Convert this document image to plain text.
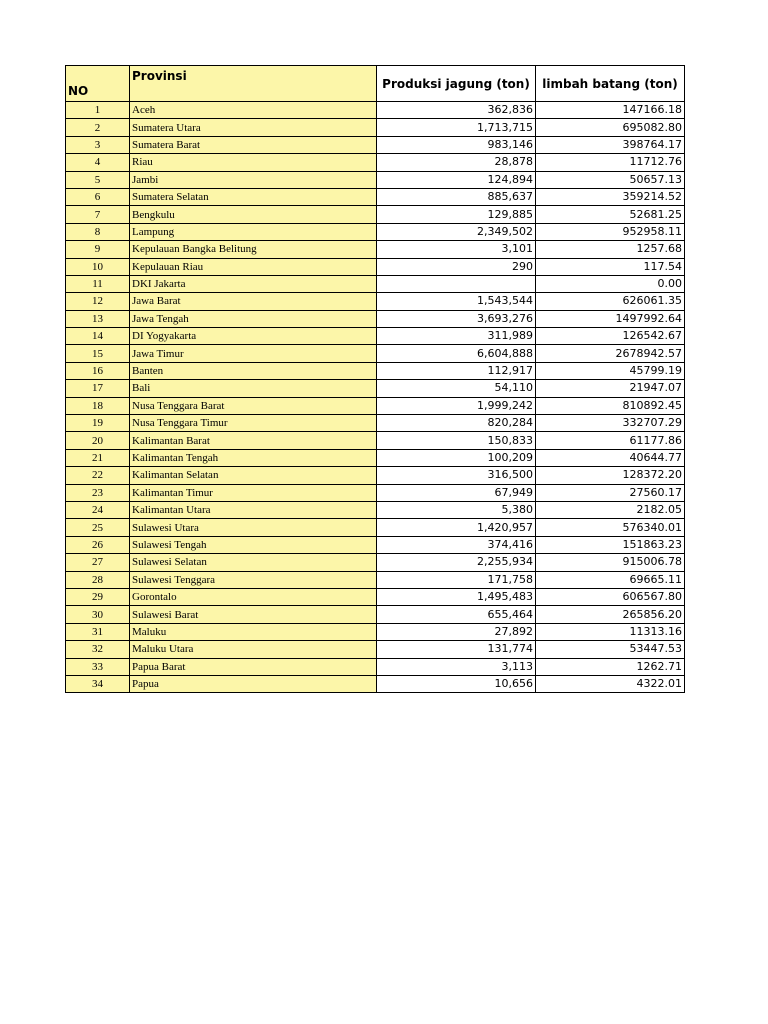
NO	Provinsi	Produksi jagung (ton)	limbah batang (ton)
1	Aceh	362,836	147166.18
2	Sumatera Utara	1,713,715	695082.80
3	Sumatera Barat	983,146	398764.17
4	Riau	28,878	11712.76
5	Jambi	124,894	50657.13
6	Sumatera Selatan	885,637	359214.52
7	Bengkulu	129,885	52681.25
8	Lampung	2,349,502	952958.11
9	Kepulauan Bangka Belitung	3,101	1257.68
10	Kepulauan Riau	290	117.54
11	DKI Jakarta		0.00
12	Jawa Barat	1,543,544	626061.35
13	Jawa Tengah	3,693,276	1497992.64
14	DI Yogyakarta	311,989	126542.67
15	Jawa Timur	6,604,888	2678942.57
16	Banten	112,917	45799.19
17	Bali	54,110	21947.07
18	Nusa Tenggara Barat	1,999,242	810892.45
19	Nusa Tenggara Timur	820,284	332707.29
20	Kalimantan Barat	150,833	61177.86
21	Kalimantan Tengah	100,209	40644.77
22	Kalimantan Selatan	316,500	128372.20
23	Kalimantan Timur	67,949	27560.17
24	Kalimantan Utara	5,380	2182.05
25	Sulawesi Utara	1,420,957	576340.01
26	Sulawesi Tengah	374,416	151863.23
27	Sulawesi Selatan	2,255,934	915006.78
28	Sulawesi Tenggara	171,758	69665.11
29	Gorontalo	1,495,483	606567.80
30	Sulawesi Barat	655,464	265856.20
31	Maluku	27,892	11313.16
32	Maluku Utara	131,774	53447.53
33	Papua Barat	3,113	1262.71
34	Papua	10,656	4322.01
